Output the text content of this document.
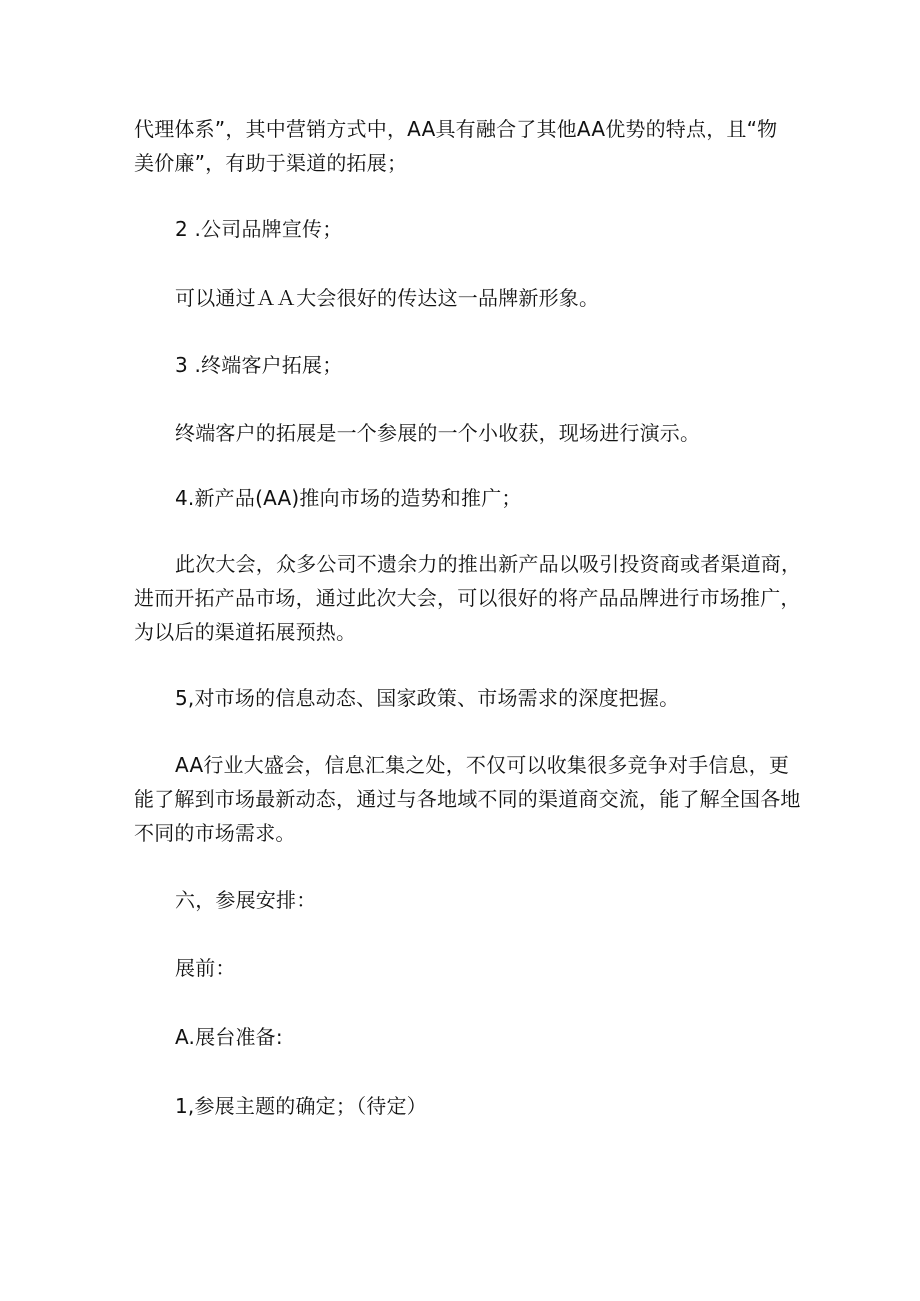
代理体系”，其中营销方式中，AA具有融合了其他AA优势的特点，且“物
美价廉”，有助于渠道的拓展；

2 .公司品牌宣传；

可以通过ＡＡ大会很好的传达这一品牌新形象。

3 .终端客户拓展；

终端客户的拓展是一个参展的一个小收获，现场进行演示。

4.新产品(AA)推向市场的造势和推广；

此次大会，众多公司不遗余力的推出新产品以吸引投资商或者渠道商，
进而开拓产品市场，通过此次大会，可以很好的将产品品牌进行市场推广，
为以后的渠道拓展预热。

5,对市场的信息动态、国家政策、市场需求的深度把握。

AA行业大盛会，信息汇集之处，不仅可以收集很多竞争对手信息，更
能了解到市场最新动态，通过与各地域不同的渠道商交流，能了解全国各地
不同的市场需求。

六，参展安排：

展前：

A.展台准备:

1,参展主题的确定；（待定）
